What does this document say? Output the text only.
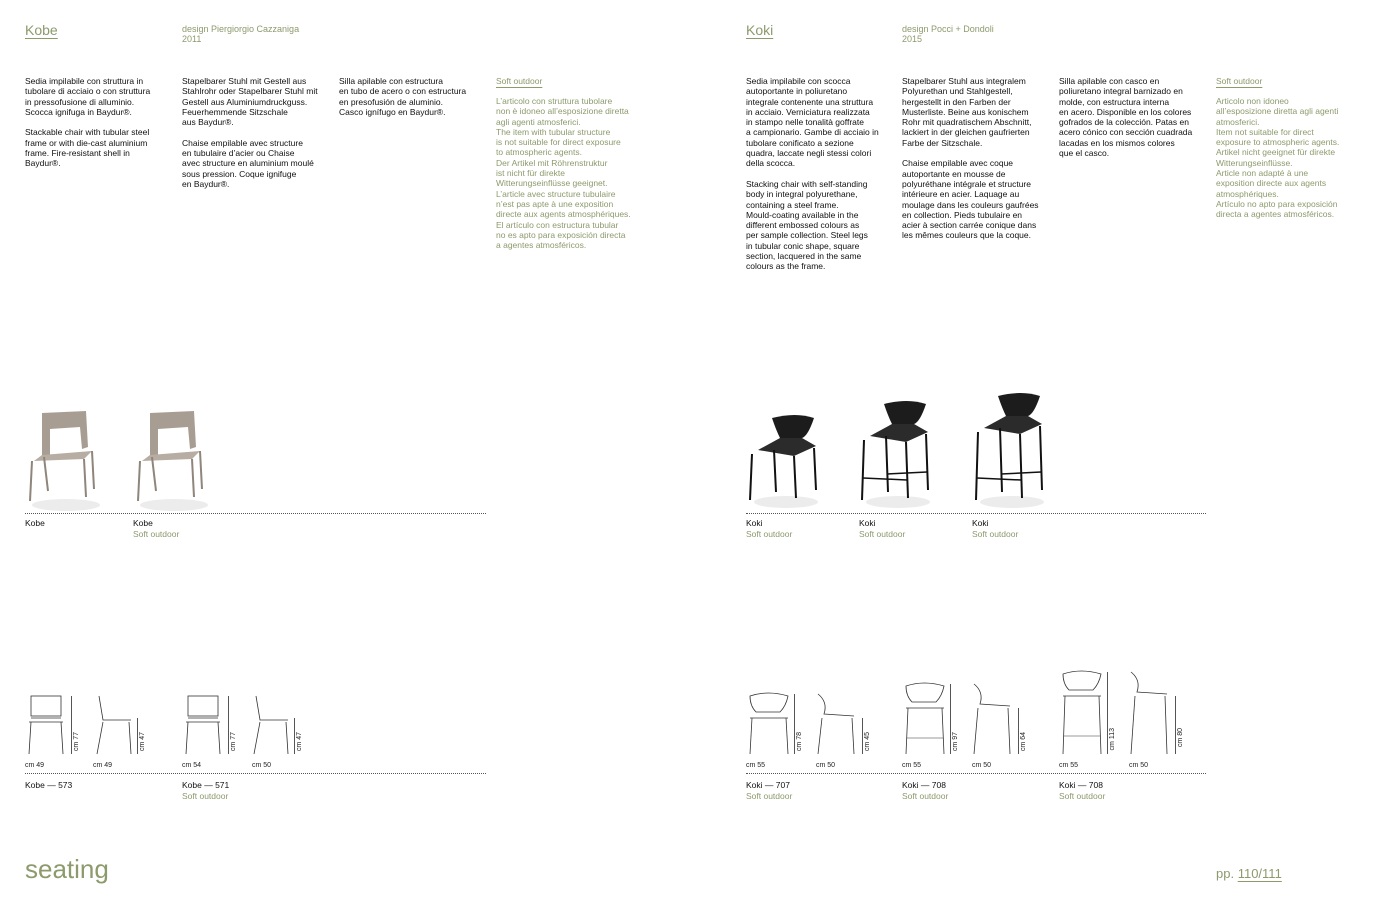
Kobe	design Piergiorgio Cazzaniga
2011
Sedia impilabile con struttura in
tubolare di acciaio o con struttura
in pressofusione di alluminio.
Scocca ignifuga in Baydur®.

Stackable chair with tubular steel
frame or with die-cast aluminium
frame. Fire-resistant shell in
Baydur®.
Stapelbarer Stuhl mit Gestell aus
Stahlrohr oder Stapelbarer Stuhl mit
Gestell aus Aluminiumdruckguss.
Feuerhemmende Sitzschale
aus Baydur®.

Chaise empilable avec structure
en tubulaire d’acier ou Chaise
avec structure en aluminium moulé
sous pression. Coque ignifuge
en Baydur®.
Silla apilable con estructura
en tubo de acero o con estructura
en presofusión de aluminio.
Casco ignífugo en Baydur®.
Soft outdoor
L’articolo con struttura tubolare
non è idoneo all’esposizione diretta
agli agenti atmosferici.
The item with tubular structure
is not suitable for direct exposure
to atmospheric agents.
Der Artikel mit Röhrenstruktur
ist nicht für direkte
Witterungseinflüsse geeignet.
L’article avec structure tubulaire
n’est pas apte à une exposition
directe aux agents atmosphériques.
El artículo con estructura tubular
no es apto para exposición directa
a agentes atmosféricos.
Kobe	Kobe
Soft outdoor
cm 77	cm 47
cm 49	cm 49
cm 77	cm 47
cm 54	cm 50
Kobe — 573	Kobe — 571
Soft outdoor
Koki	design Pocci + Dondoli
2015
Sedia impilabile con scocca
autoportante in poliuretano
integrale contenente una struttura
in acciaio. Verniciatura realizzata
in stampo nelle tonalità goffrate
a campionario. Gambe di acciaio in
tubolare conificato a sezione
quadra, laccate negli stessi colori
della scocca.

Stacking chair with self-standing
body in integral polyurethane,
containing a steel frame.
Mould-coating available in the
different embossed colours as
per sample collection. Steel legs
in tubular conic shape, square
section, lacquered in the same
colours as the frame.
Stapelbarer Stuhl aus integralem
Polyurethan und Stahlgestell,
hergestellt in den Farben der
Musterliste. Beine aus konischem
Rohr mit quadratischem Abschnitt,
lackiert in der gleichen gaufrierten
Farbe der Sitzschale.

Chaise empilable avec coque
autoportante en mousse de
polyuréthane intégrale et structure
intérieure en acier. Laquage au
moulage dans les couleurs gaufrées
en collection. Pieds tubulaire en
acier à section carrée conique dans
les mêmes couleurs que la coque.
Silla apilable con casco en
poliuretano integral barnizado en
molde, con estructura interna
en acero. Disponible en los colores
gofrados de la colección. Patas en
acero cónico con sección cuadrada
lacadas en los mismos colores
que el casco.
Soft outdoor
Articolo non idoneo
all’esposizione diretta agli agenti
atmosferici.
Item not suitable for direct
exposure to atmospheric agents.
Artikel nicht geeignet für direkte
Witterungseinflüsse.
Article non adapté à une
exposition directe aux agents
atmosphériques.
Artículo no apto para exposición
directa a agentes atmosféricos.
Koki
Soft outdoor
Koki
Soft outdoor
Koki
Soft outdoor
cm 78	cm 45
cm 55	cm 50
cm 97	cm 64
cm 55	cm 50
cm 113	cm 80
cm 55	cm 50
Koki — 707
Soft outdoor
Koki — 708
Soft outdoor
Koki — 708
Soft outdoor
seating	pp. 110/111
